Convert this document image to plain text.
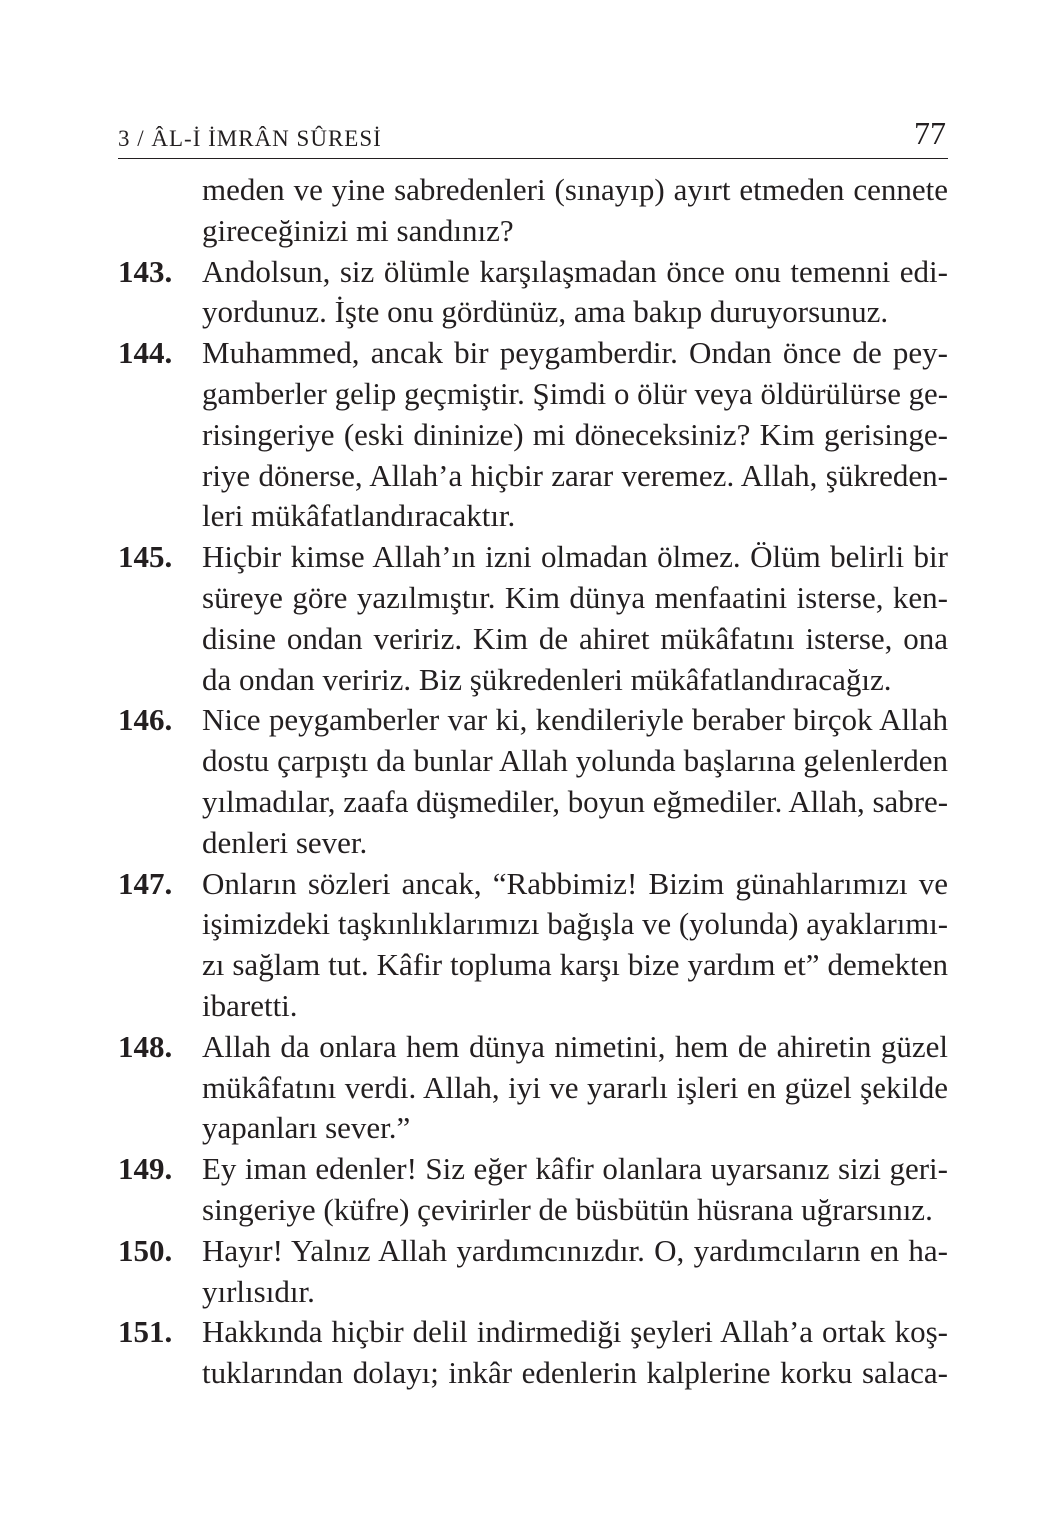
3 / ÂL-İ İMRÂN SÛRESİ	77
meden ve yine sabredenleri (sınayıp) ayırt etmeden cennete
gireceğinizi mi sandınız?
143. Andolsun, siz ölümle karşılaşmadan önce onu temenni edi-
yordunuz. İşte onu gördünüz, ama bakıp duruyorsunuz.
144. Muhammed, ancak bir peygamberdir. Ondan önce de pey-
gamberler gelip geçmiştir. Şimdi o ölür veya öldürülürse ge-
risingeriye (eski dininize) mi döneceksiniz? Kim gerisinge-
riye dönerse, Allah’a hiçbir zarar veremez. Allah, şükreden-
leri mükâfatlandıracaktır.
145. Hiçbir kimse Allah’ın izni olmadan ölmez. Ölüm belirli bir
süreye göre yazılmıştır. Kim dünya menfaatini isterse, ken-
disine ondan veririz. Kim de ahiret mükâfatını isterse, ona
da ondan veririz. Biz şükredenleri mükâfatlandıracağız.
146. Nice peygamberler var ki, kendileriyle beraber birçok Allah
dostu çarpıştı da bunlar Allah yolunda başlarına gelenlerden
yılmadılar, zaafa düşmediler, boyun eğmediler. Allah, sabre-
denleri sever.
147. Onların sözleri ancak, “Rabbimiz! Bizim günahlarımızı ve
işimizdeki taşkınlıklarımızı bağışla ve (yolunda) ayaklarımı-
zı sağlam tut. Kâfir topluma karşı bize yardım et” demekten
ibaretti.
148. Allah da onlara hem dünya nimetini, hem de ahiretin güzel
mükâfatını verdi. Allah, iyi ve yararlı işleri en güzel şekilde
yapanları sever.”
149. Ey iman edenler! Siz eğer kâfir olanlara uyarsanız sizi geri-
singeriye (küfre) çevirirler de büsbütün hüsrana uğrarsınız.
150. Hayır! Yalnız Allah yardımcınızdır. O, yardımcıların en ha-
yırlısıdır.
151. Hakkında hiçbir delil indirmediği şeyleri Allah’a ortak koş-
tuklarından dolayı; inkâr edenlerin kalplerine korku salaca-
